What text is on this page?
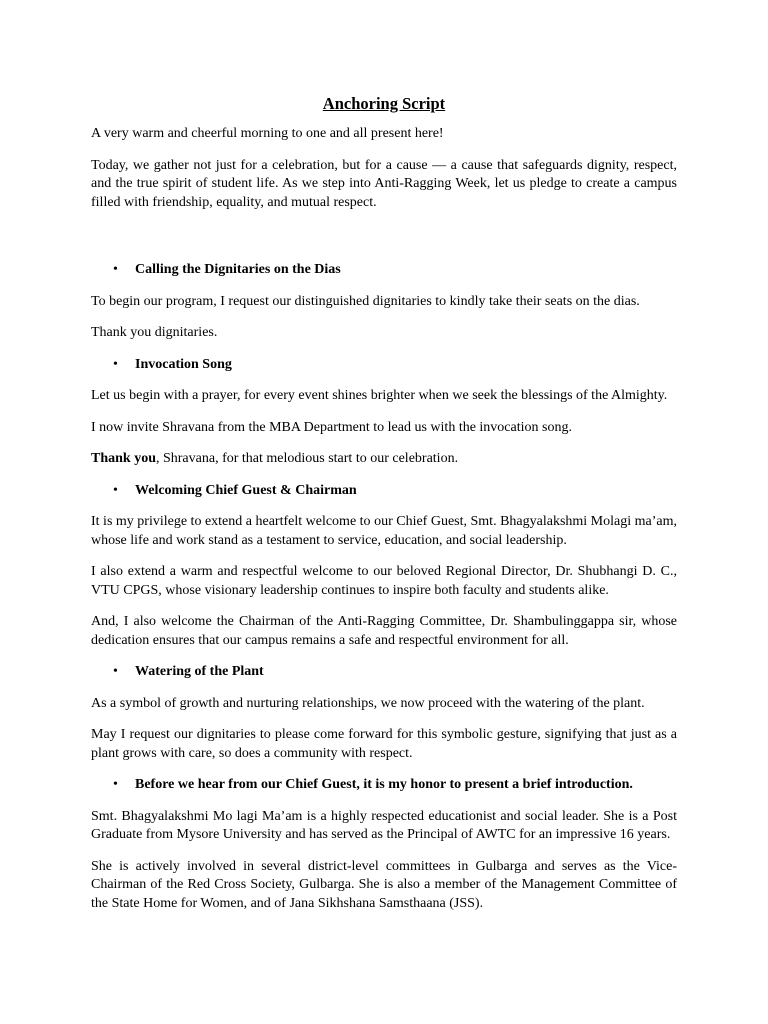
Anchoring Script

A very warm and cheerful morning to one and all present here!

Today, we gather not just for a celebration, but for a cause — a cause that safeguards dignity, respect, and the true spirit of student life. As we step into Anti-Ragging Week, let us pledge to create a campus filled with friendship, equality, and mutual respect.

•	Calling the Dignitaries on the Dias

To begin our program, I request our distinguished dignitaries to kindly take their seats on the dias.

Thank you dignitaries.

•	Invocation Song

Let us begin with a prayer, for every event shines brighter when we seek the blessings of the Almighty.

I now invite Shravana from the MBA Department to lead us with the invocation song.

Thank you, Shravana, for that melodious start to our celebration.

•	Welcoming Chief Guest & Chairman

It is my privilege to extend a heartfelt welcome to our Chief Guest, Smt. Bhagyalakshmi Molagi ma’am, whose life and work stand as a testament to service, education, and social leadership.

I also extend a warm and respectful welcome to our beloved Regional Director, Dr. Shubhangi D. C., VTU CPGS, whose visionary leadership continues to inspire both faculty and students alike.

And, I also welcome the Chairman of the Anti-Ragging Committee, Dr. Shambulinggappa sir, whose dedication ensures that our campus remains a safe and respectful environment for all.

•	Watering of the Plant

As a symbol of growth and nurturing relationships, we now proceed with the watering of the plant.

May I request our dignitaries to please come forward for this symbolic gesture, signifying that just as a plant grows with care, so does a community with respect.

•	Before we hear from our Chief Guest, it is my honor to present a brief introduction.

Smt. Bhagyalakshmi Mo lagi Ma’am is a highly respected educationist and social leader. She is a Post Graduate from Mysore University and has served as the Principal of AWTC for an impressive 16 years.

She is actively involved in several district-level committees in Gulbarga and serves as the Vice-Chairman of the Red Cross Society, Gulbarga. She is also a member of the Management Committee of the State Home for Women, and of Jana Sikhshana Samsthaana (JSS).
